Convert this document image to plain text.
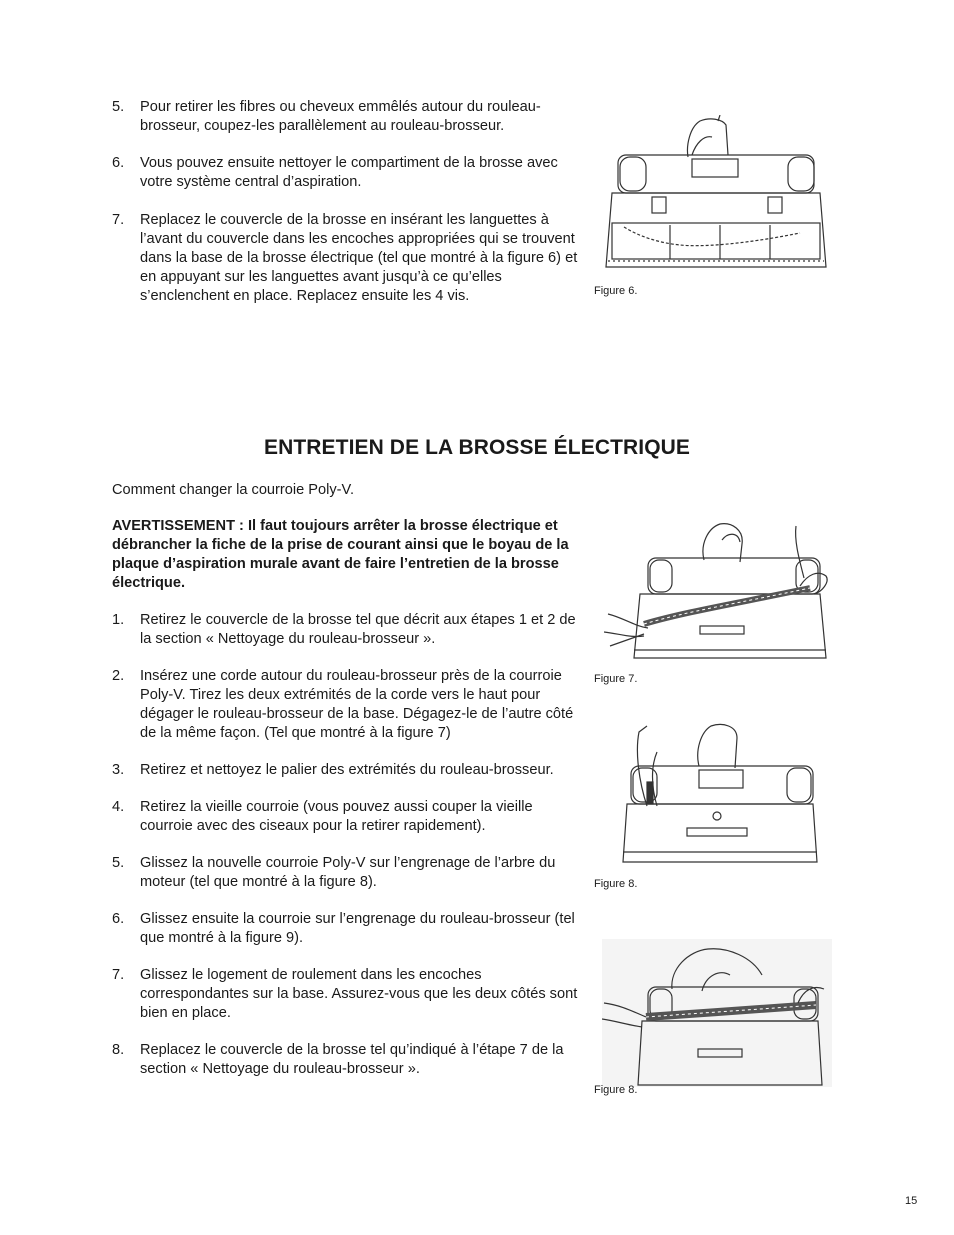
5.	Pour retirer les fibres ou cheveux emmêlés autour du rouleau-brosseur, coupez-les parallèlement au rouleau-brosseur.
6.	Vous pouvez ensuite nettoyer le compartiment de la brosse avec votre système central d’aspiration.
7.	Replacez le couvercle de la brosse en insérant les languettes à l’avant du couvercle dans les encoches appropriées qui se trouvent dans la base de la brosse électrique (tel que montré à la figure 6) et en appuyant sur les languettes avant jusqu’à ce qu’elles s’enclenchent en place. Replacez ensuite les 4 vis.	Figure 6.
ENTRETIEN DE LA BROSSE ÉLECTRIQUE
Comment changer la courroie Poly-V.
AVERTISSEMENT : Il faut toujours arrêter la brosse électrique et débrancher la fiche de la prise de courant ainsi que le boyau de la plaque d’aspiration murale avant de faire l’entretien de la brosse électrique.
1.	Retirez le couvercle de la brosse tel que décrit aux étapes 1 et 2 de la section « Nettoyage du rouleau-brosseur ».
2.	Insérez une corde autour du rouleau-brosseur près de la courroie Poly-V. Tirez les deux extrémités de la corde vers le haut pour dégager le rouleau-brosseur de la base. Dégagez-le de l’autre côté de la même façon. (Tel que montré à la figure 7)
3.	Retirez et nettoyez le palier des extrémités du rouleau-brosseur.
4.	Retirez la vieille courroie (vous pouvez aussi couper la vieille courroie avec des ciseaux pour la retirer rapidement).
5.	Glissez la nouvelle courroie Poly-V sur l’engrenage de l’arbre du moteur (tel que montré à la figure 8).
6.	Glissez ensuite la courroie sur l’engrenage du rouleau-brosseur (tel que montré à la figure 9).
7.	Glissez le logement de roulement dans les encoches correspondantes sur la base. Assurez-vous que les deux côtés sont bien en place.
8.	Replacez le couvercle de la brosse tel qu’indiqué à l’étape 7 de la section « Nettoyage du rouleau-brosseur ».
Figure 7.
Figure 8.
Figure 8.
15
